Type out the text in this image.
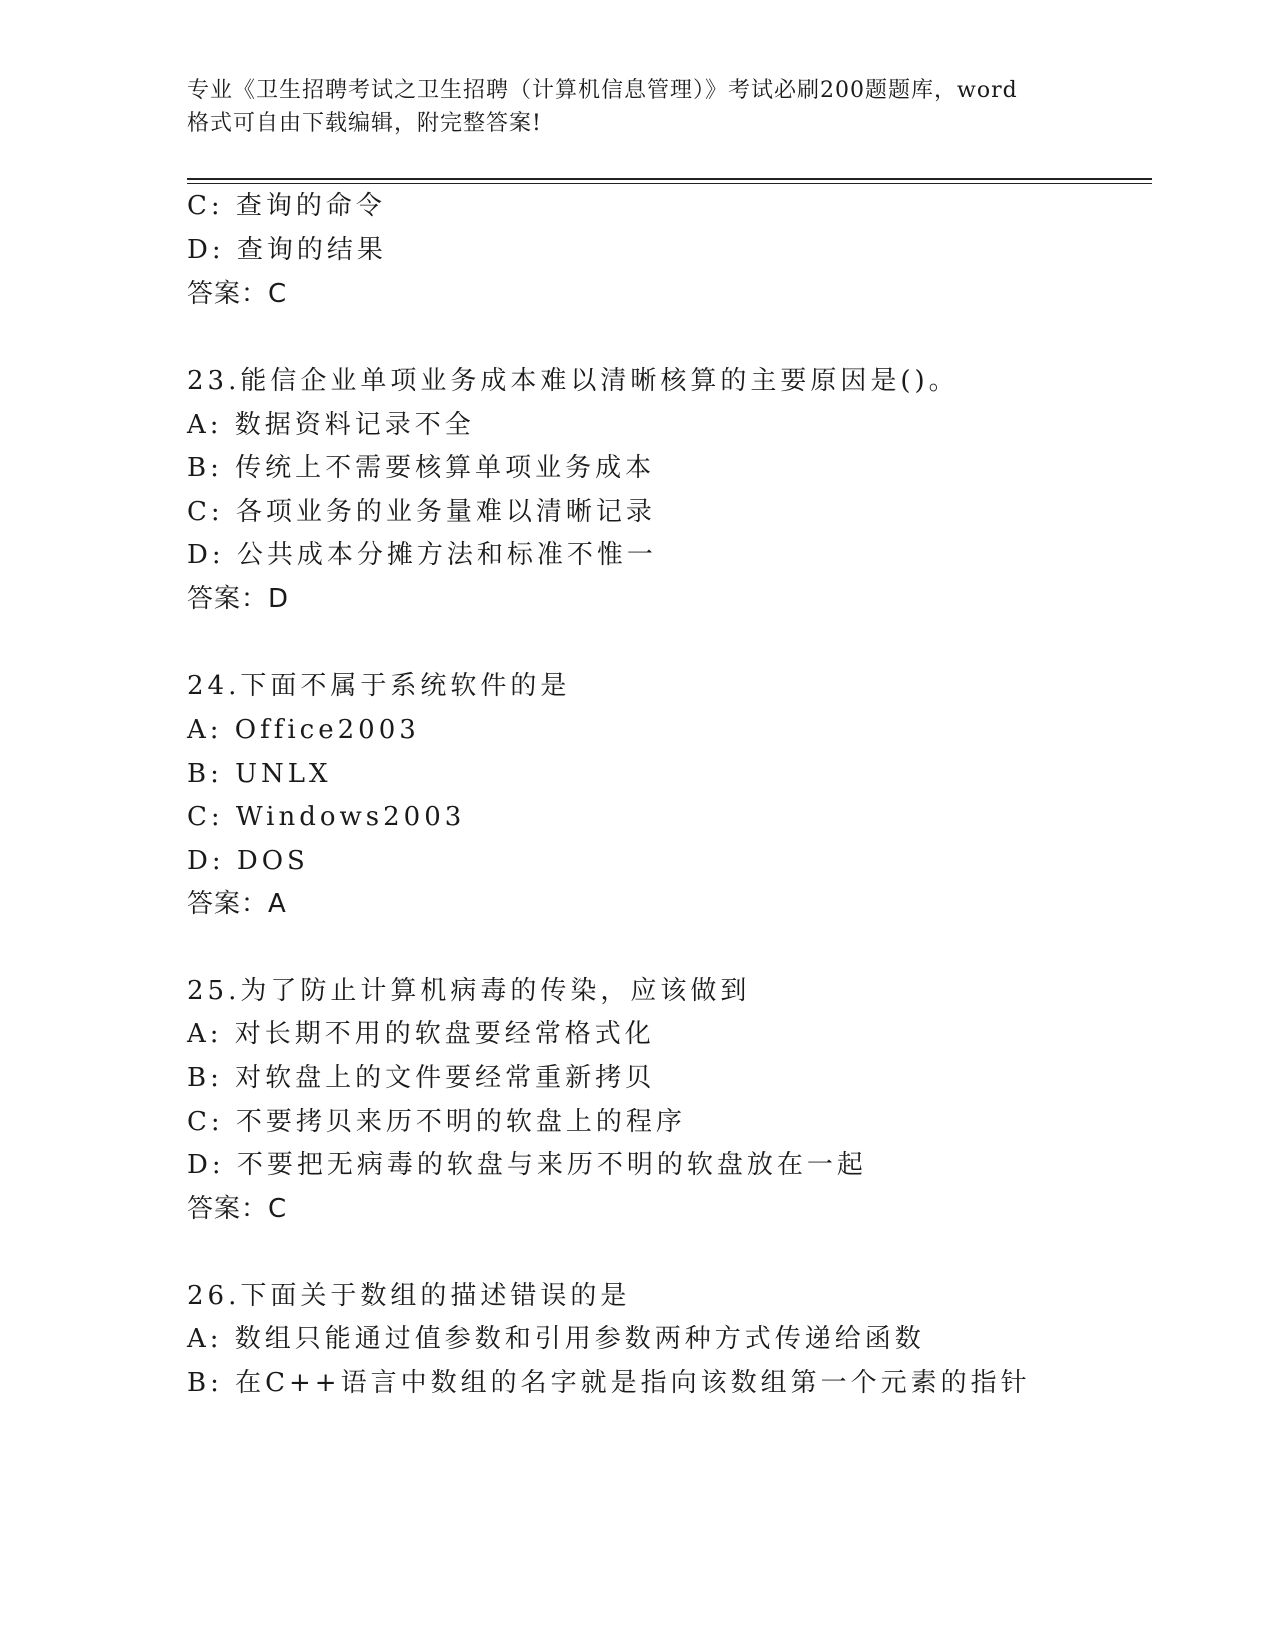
专业《卫生招聘考试之卫生招聘（计算机信息管理）》考试必刷200题题库，word
格式可自由下载编辑，附完整答案!
C: 查询的命令
D: 查询的结果
答案：C
23.能信企业单项业务成本难以清晰核算的主要原因是()。
A: 数据资料记录不全
B: 传统上不需要核算单项业务成本
C: 各项业务的业务量难以清晰记录
D: 公共成本分摊方法和标准不惟一
答案：D
24.下面不属于系统软件的是
A: Office2003
B: UNLX
C: Windows2003
D: DOS
答案：A
25.为了防止计算机病毒的传染，应该做到
A: 对长期不用的软盘要经常格式化
B: 对软盘上的文件要经常重新拷贝
C: 不要拷贝来历不明的软盘上的程序
D: 不要把无病毒的软盘与来历不明的软盘放在一起
答案：C
26.下面关于数组的描述错误的是
A: 数组只能通过值参数和引用参数两种方式传递给函数
B: 在C++语言中数组的名字就是指向该数组第一个元素的指针
